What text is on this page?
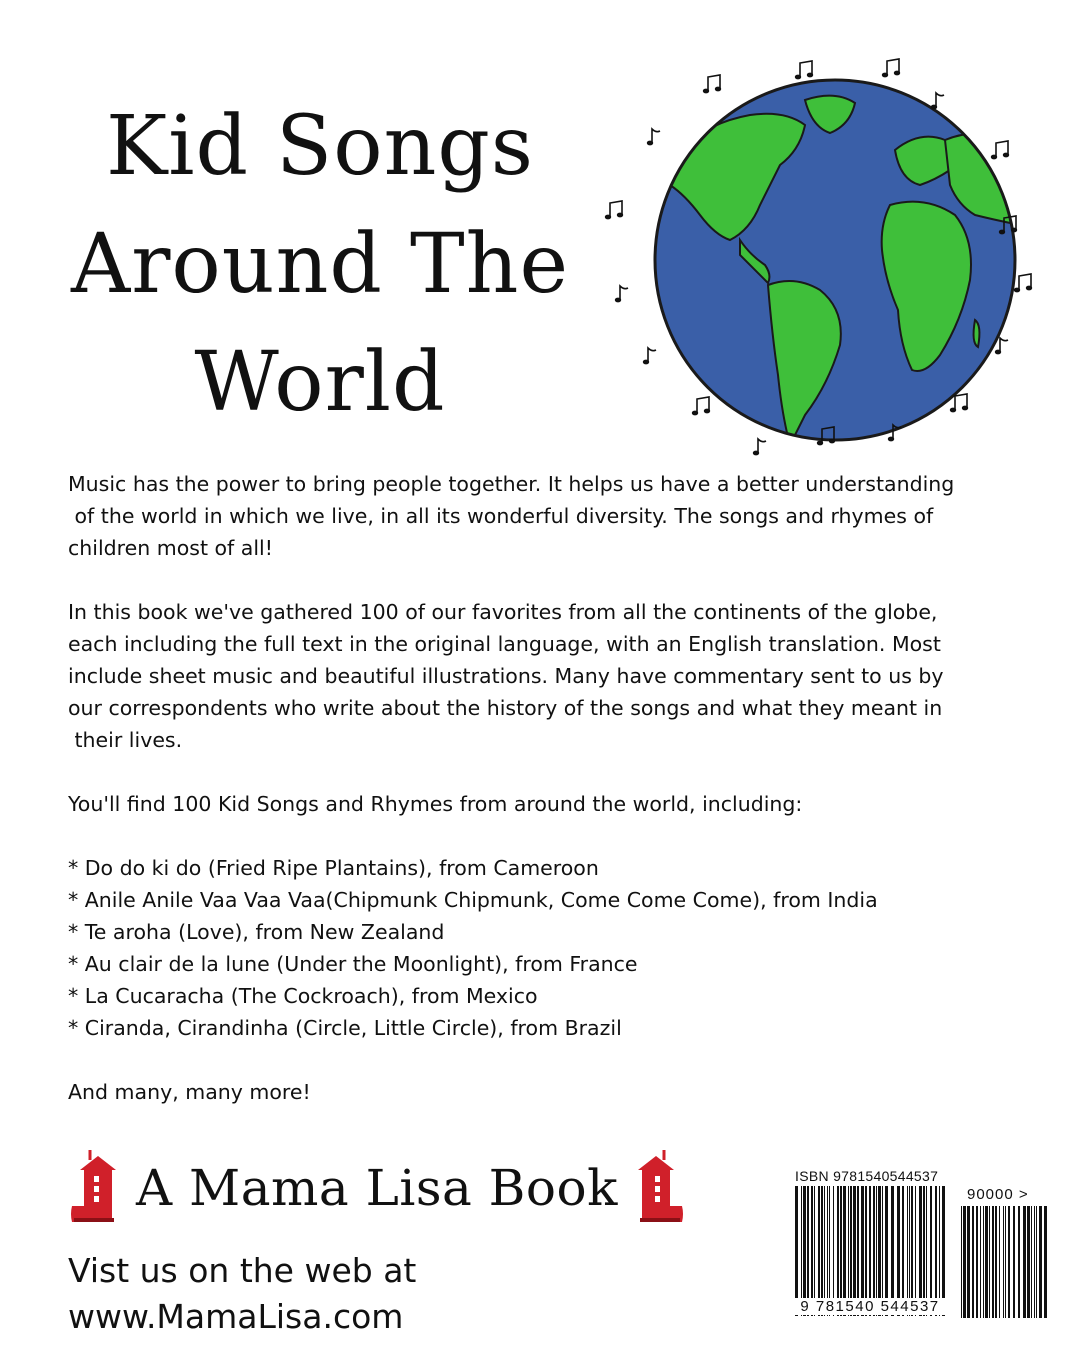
Kid Songs
Around The
World

Music has the power to bring people together. It helps us have a better understanding

of the world in which we live, in all its wonderful diversity. The songs and rhymes of

children most of all!

In this book we've gathered 100 of our favorites from all the continents of the globe,

each including the full text in the original language, with an English translation. Most

include sheet music and beautiful illustrations. Many have commentary sent to us by

our correspondents who write about the history of the songs and what they meant in

their lives.

You'll find 100 Kid Songs and Rhymes from around the world, including:

* Do do ki do (Fried Ripe Plantains), from Cameroon
* Anile Anile Vaa Vaa Vaa(Chipmunk Chipmunk, Come Come Come), from India
* Te aroha (Love), from New Zealand
* Au clair de la lune (Under the Moonlight), from France
* La Cucaracha (The Cockroach), from Mexico
* Ciranda, Cirandinha (Circle, Little Circle), from Brazil

And many, many more!

A Mama Lisa Book
Vist us on the web at
www.MamaLisa.com
ISBN 9781540544537
90000 >
9 781540 544537
